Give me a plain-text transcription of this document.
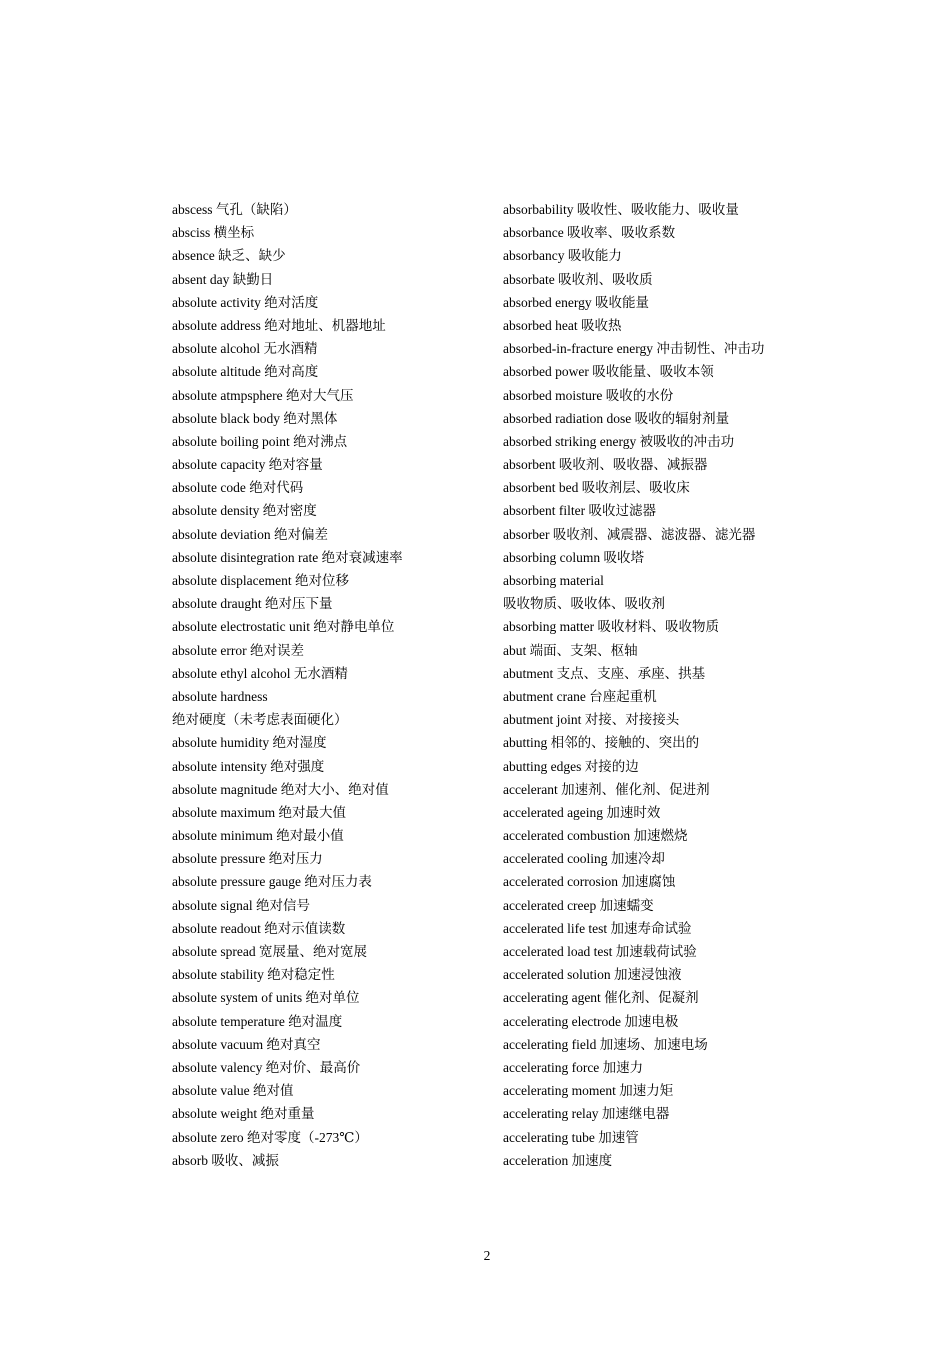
abscess 气孔（缺陷）
absciss 横坐标
absence 缺乏、缺少
absent day 缺勤日
absolute activity 绝对活度
absolute address 绝对地址、机器地址
absolute alcohol 无水酒精
absolute altitude 绝对高度
absolute atmpsphere 绝对大气压
absolute black body 绝对黑体
absolute boiling point 绝对沸点
absolute capacity 绝对容量
absolute code 绝对代码
absolute density 绝对密度
absolute deviation 绝对偏差
absolute disintegration rate 绝对衰减速率
absolute displacement 绝对位移
absolute draught 绝对压下量
absolute electrostatic unit 绝对静电单位
absolute error 绝对误差
absolute ethyl alcohol 无水酒精
absolute hardness
绝对硬度（未考虑表面硬化）
absolute humidity 绝对湿度
absolute intensity 绝对强度
absolute magnitude 绝对大小、绝对值
absolute maximum 绝对最大值
absolute minimum 绝对最小值
absolute pressure 绝对压力
absolute pressure gauge 绝对压力表
absolute signal 绝对信号
absolute readout 绝对示值读数
absolute spread 宽展量、绝对宽展
absolute stability 绝对稳定性
absolute system of units 绝对单位
absolute temperature 绝对温度
absolute vacuum 绝对真空
absolute valency 绝对价、最高价
absolute value 绝对值
absolute weight 绝对重量
absolute zero 绝对零度（-273℃）
absorb 吸收、减振
absorbability 吸收性、吸收能力、吸收量
absorbance 吸收率、吸收系数
absorbancy 吸收能力
absorbate 吸收剂、吸收质
absorbed energy 吸收能量
absorbed heat 吸收热
absorbed-in-fracture energy 冲击韧性、冲击功
absorbed power 吸收能量、吸收本领
absorbed moisture 吸收的水份
absorbed radiation dose 吸收的辐射剂量
absorbed striking energy 被吸收的冲击功
absorbent 吸收剂、吸收器、减振器
absorbent bed 吸收剂层、吸收床
absorbent filter 吸收过滤器
absorber 吸收剂、减震器、滤波器、滤光器
absorbing column 吸收塔
absorbing material
吸收物质、吸收体、吸收剂
absorbing matter 吸收材料、吸收物质
abut 端面、支架、枢轴
abutment 支点、支座、承座、拱基
abutment crane 台座起重机
abutment joint 对接、对接接头
abutting 相邻的、接触的、突出的
abutting edges 对接的边
accelerant 加速剂、催化剂、促进剂
accelerated ageing 加速时效
accelerated combustion 加速燃烧
accelerated cooling 加速冷却
accelerated corrosion 加速腐蚀
accelerated creep 加速蠕变
accelerated life test 加速寿命试验
accelerated load test 加速载荷试验
accelerated solution 加速浸蚀液
accelerating agent 催化剂、促凝剂
accelerating electrode 加速电极
accelerating field 加速场、加速电场
accelerating force 加速力
accelerating moment 加速力矩
accelerating relay 加速继电器
accelerating tube 加速管
acceleration 加速度
2
